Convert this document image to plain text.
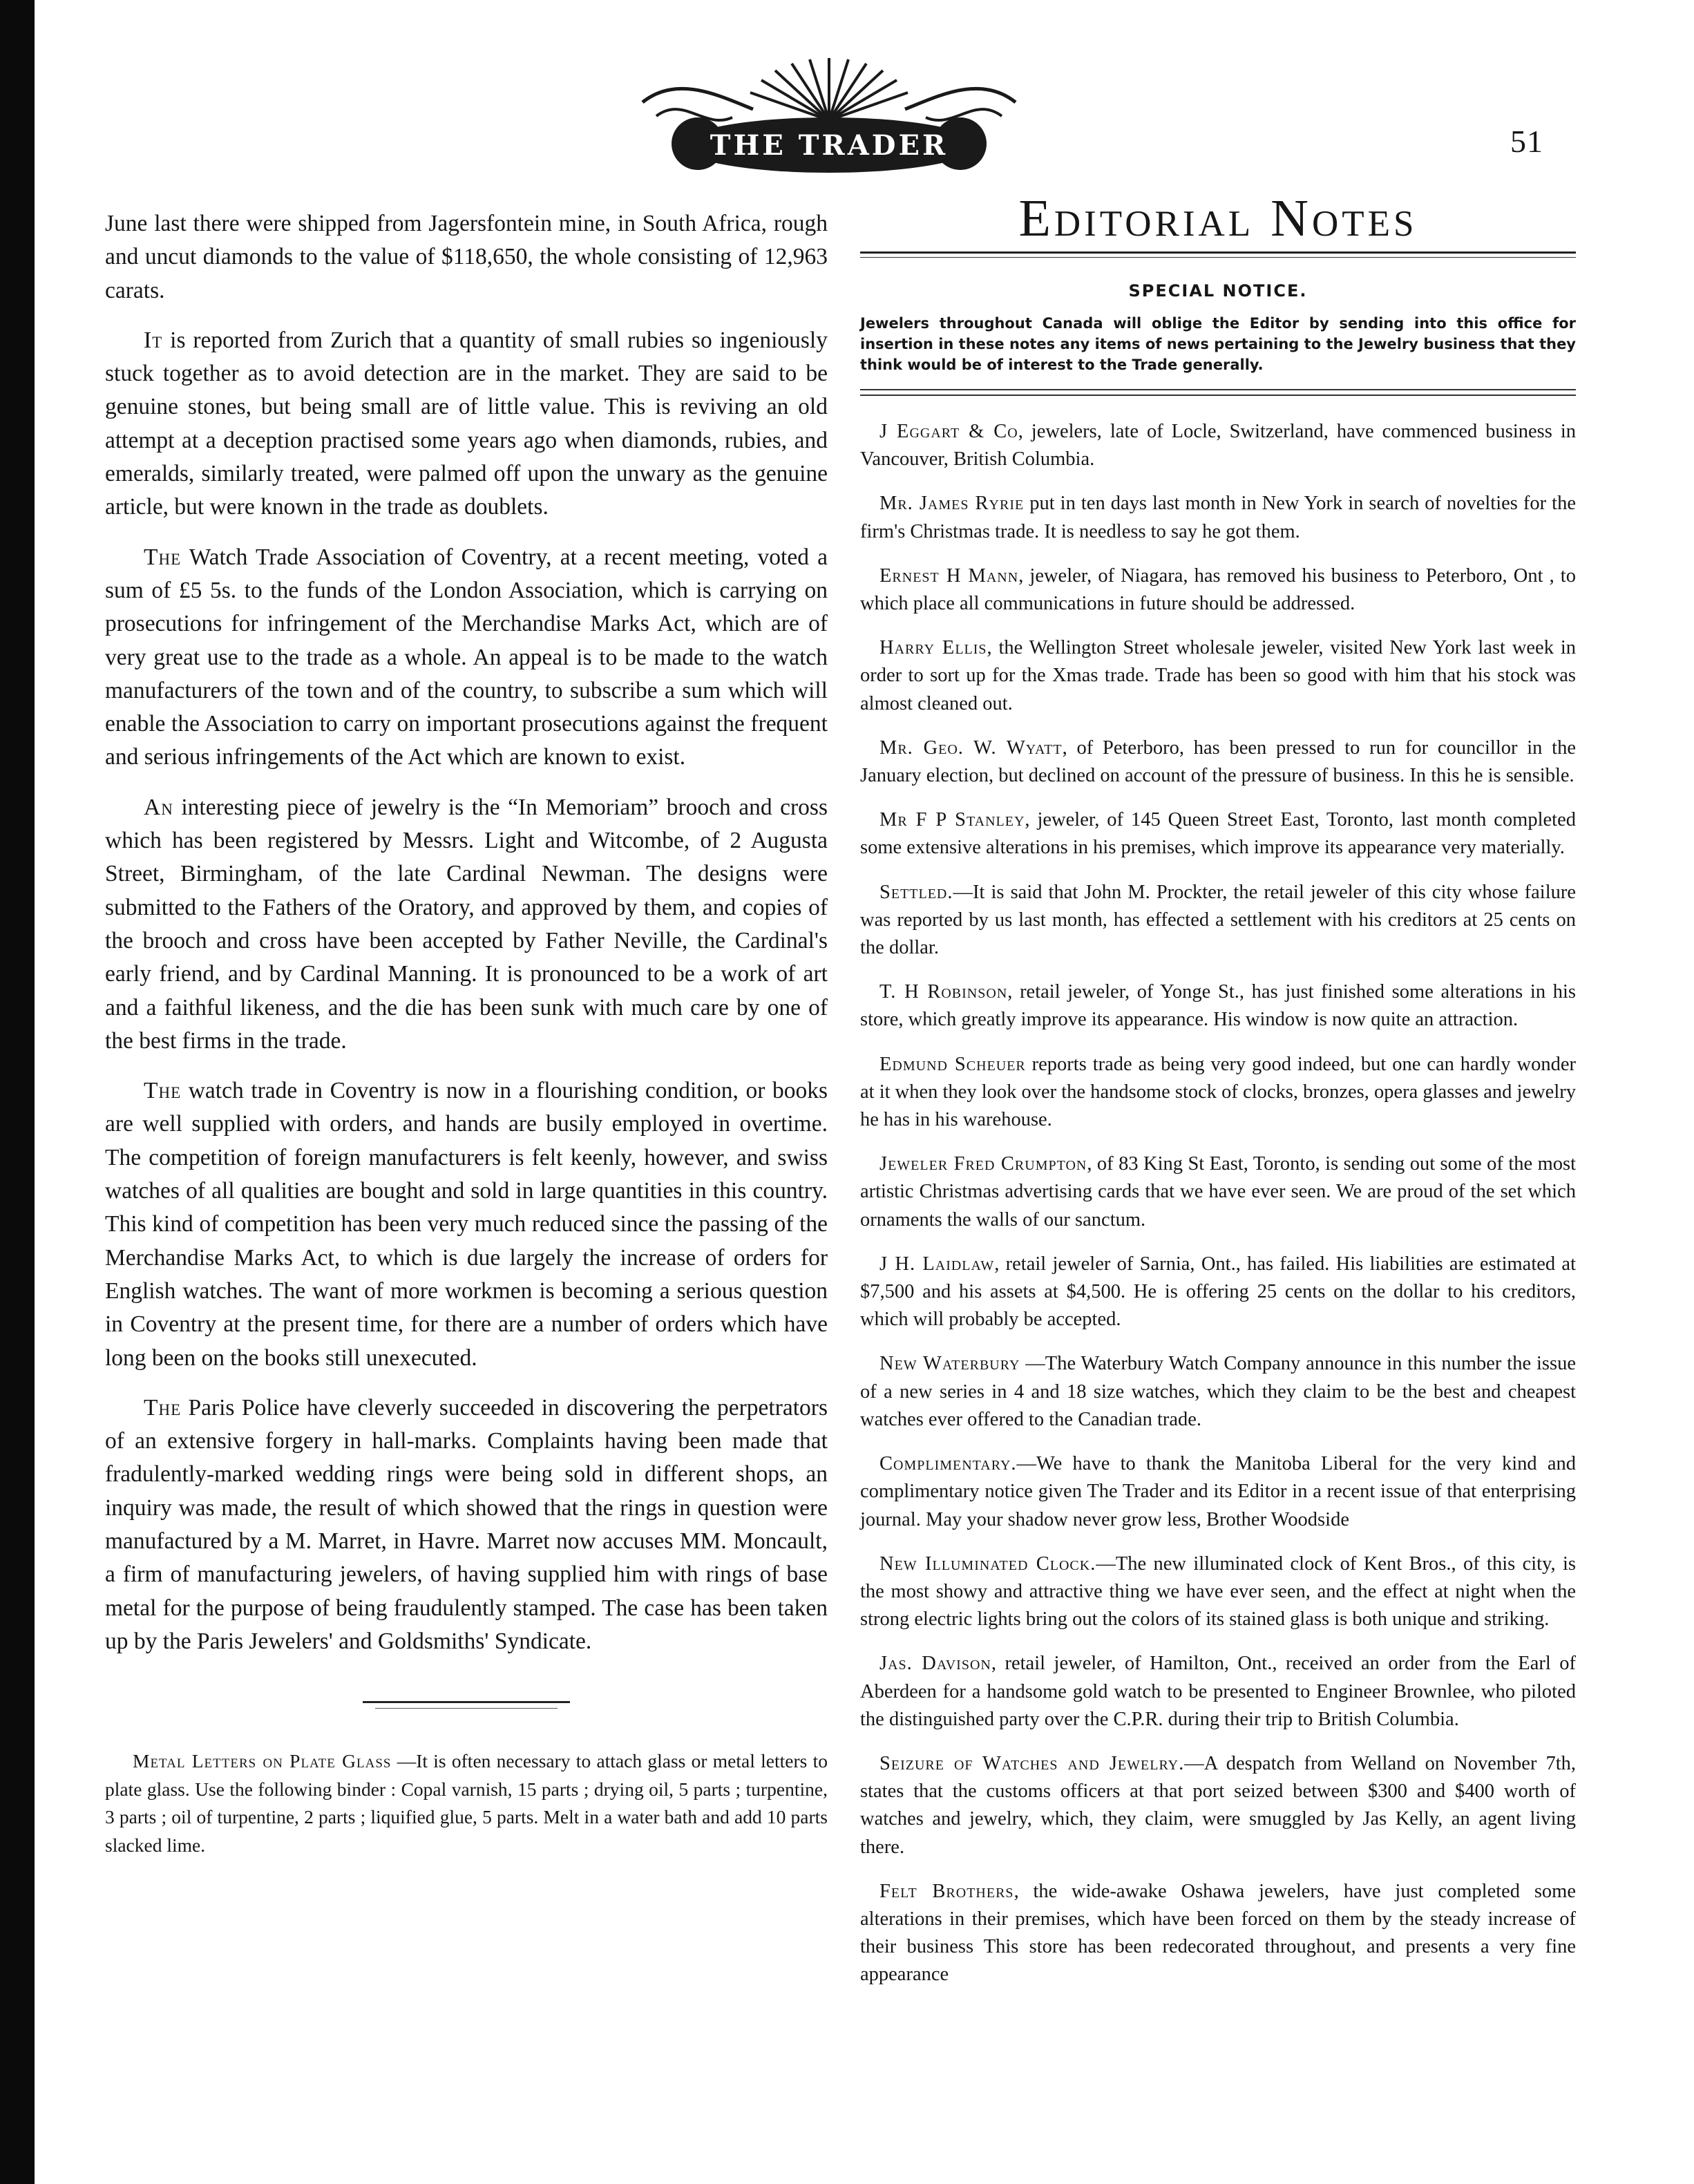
THE TRADER	51

June last there were shipped from Jagersfontein mine, in South Africa, rough and uncut diamonds to the value of $118,650, the whole consisting of 12,963 carats.

It is reported from Zurich that a quantity of small rubies so ingeniously stuck together as to avoid detection are in the market. They are said to be genuine stones, but being small are of little value. This is reviving an old attempt at a deception practised some years ago when diamonds, rubies, and emeralds, similarly treated, were palmed off upon the unwary as the genuine article, but were known in the trade as doublets.

The Watch Trade Association of Coventry, at a recent meeting, voted a sum of £5 5s. to the funds of the London Association, which is carrying on prosecutions for infringement of the Merchandise Marks Act, which are of very great use to the trade as a whole. An appeal is to be made to the watch manufacturers of the town and of the country, to subscribe a sum which will enable the Association to carry on important prosecutions against the frequent and serious infringements of the Act which are known to exist.

An interesting piece of jewelry is the “In Memoriam” brooch and cross which has been registered by Messrs. Light and Witcombe, of 2 Augusta Street, Birmingham, of the late Cardinal Newman. The designs were submitted to the Fathers of the Oratory, and approved by them, and copies of the brooch and cross have been accepted by Father Neville, the Cardinal's early friend, and by Cardinal Manning. It is pronounced to be a work of art and a faithful likeness, and the die has been sunk with much care by one of the best firms in the trade.

The watch trade in Coventry is now in a flourishing condition, or books are well supplied with orders, and hands are busily employed in overtime. The competition of foreign manufacturers is felt keenly, however, and swiss watches of all qualities are bought and sold in large quantities in this country. This kind of competition has been very much reduced since the passing of the Merchandise Marks Act, to which is due largely the increase of orders for English watches. The want of more workmen is becoming a serious question in Coventry at the present time, for there are a number of orders which have long been on the books still unexecuted.

The Paris Police have cleverly succeeded in discovering the perpetrators of an extensive forgery in hall-marks. Complaints having been made that fradulently-marked wedding rings were being sold in different shops, an inquiry was made, the result of which showed that the rings in question were manufactured by a M. Marret, in Havre. Marret now accuses MM. Moncault, a firm of manufacturing jewelers, of having supplied him with rings of base metal for the purpose of being fraudulently stamped. The case has been taken up by the Paris Jewelers' and Goldsmiths' Syndicate.

Metal Letters on Plate Glass —It is often necessary to attach glass or metal letters to plate glass. Use the following binder : Copal varnish, 15 parts ; drying oil, 5 parts ; turpentine, 3 parts ; oil of turpentine, 2 parts ; liquified glue, 5 parts. Melt in a water bath and add 10 parts slacked lime.

Editorial Notes
SPECIAL NOTICE.

Jewelers throughout Canada will oblige the Editor by sending into this office for insertion in these notes any items of news pertaining to the Jewelry business that they think would be of interest to the Trade generally.

J Eggart & Co, jewelers, late of Locle, Switzerland, have commenced business in Vancouver, British Columbia.

Mr. James Ryrie put in ten days last month in New York in search of novelties for the firm's Christmas trade. It is needless to say he got them.

Ernest H Mann, jeweler, of Niagara, has removed his business to Peterboro, Ont , to which place all communications in future should be addressed.

Harry Ellis, the Wellington Street wholesale jeweler, visited New York last week in order to sort up for the Xmas trade. Trade has been so good with him that his stock was almost cleaned out.

Mr. Geo. W. Wyatt, of Peterboro, has been pressed to run for councillor in the January election, but declined on account of the pressure of business. In this he is sensible.

Mr F P Stanley, jeweler, of 145 Queen Street East, Toronto, last month completed some extensive alterations in his premises, which improve its appearance very materially.

Settled.—It is said that John M. Prockter, the retail jeweler of this city whose failure was reported by us last month, has effected a settlement with his creditors at 25 cents on the dollar.

T. H Robinson, retail jeweler, of Yonge St., has just finished some alterations in his store, which greatly improve its appearance. His window is now quite an attraction.

Edmund Scheuer reports trade as being very good indeed, but one can hardly wonder at it when they look over the handsome stock of clocks, bronzes, opera glasses and jewelry he has in his warehouse.

Jeweler Fred Crumpton, of 83 King St East, Toronto, is sending out some of the most artistic Christmas advertising cards that we have ever seen. We are proud of the set which ornaments the walls of our sanctum.

J H. Laidlaw, retail jeweler of Sarnia, Ont., has failed. His liabilities are estimated at $7,500 and his assets at $4,500. He is offering 25 cents on the dollar to his creditors, which will probably be accepted.

New Waterbury —The Waterbury Watch Company announce in this number the issue of a new series in 4 and 18 size watches, which they claim to be the best and cheapest watches ever offered to the Canadian trade.

Complimentary.—We have to thank the Manitoba Liberal for the very kind and complimentary notice given The Trader and its Editor in a recent issue of that enterprising journal. May your shadow never grow less, Brother Woodside

New Illuminated Clock.—The new illuminated clock of Kent Bros., of this city, is the most showy and attractive thing we have ever seen, and the effect at night when the strong electric lights bring out the colors of its stained glass is both unique and striking.

Jas. Davison, retail jeweler, of Hamilton, Ont., received an order from the Earl of Aberdeen for a handsome gold watch to be presented to Engineer Brownlee, who piloted the distinguished party over the C.P.R. during their trip to British Columbia.

Seizure of Watches and Jewelry.—A despatch from Welland on November 7th, states that the customs officers at that port seized between $300 and $400 worth of watches and jewelry, which, they claim, were smuggled by Jas Kelly, an agent living there.

Felt Brothers, the wide-awake Oshawa jewelers, have just completed some alterations in their premises, which have been forced on them by the steady increase of their business This store has been redecorated throughout, and presents a very fine appearance
